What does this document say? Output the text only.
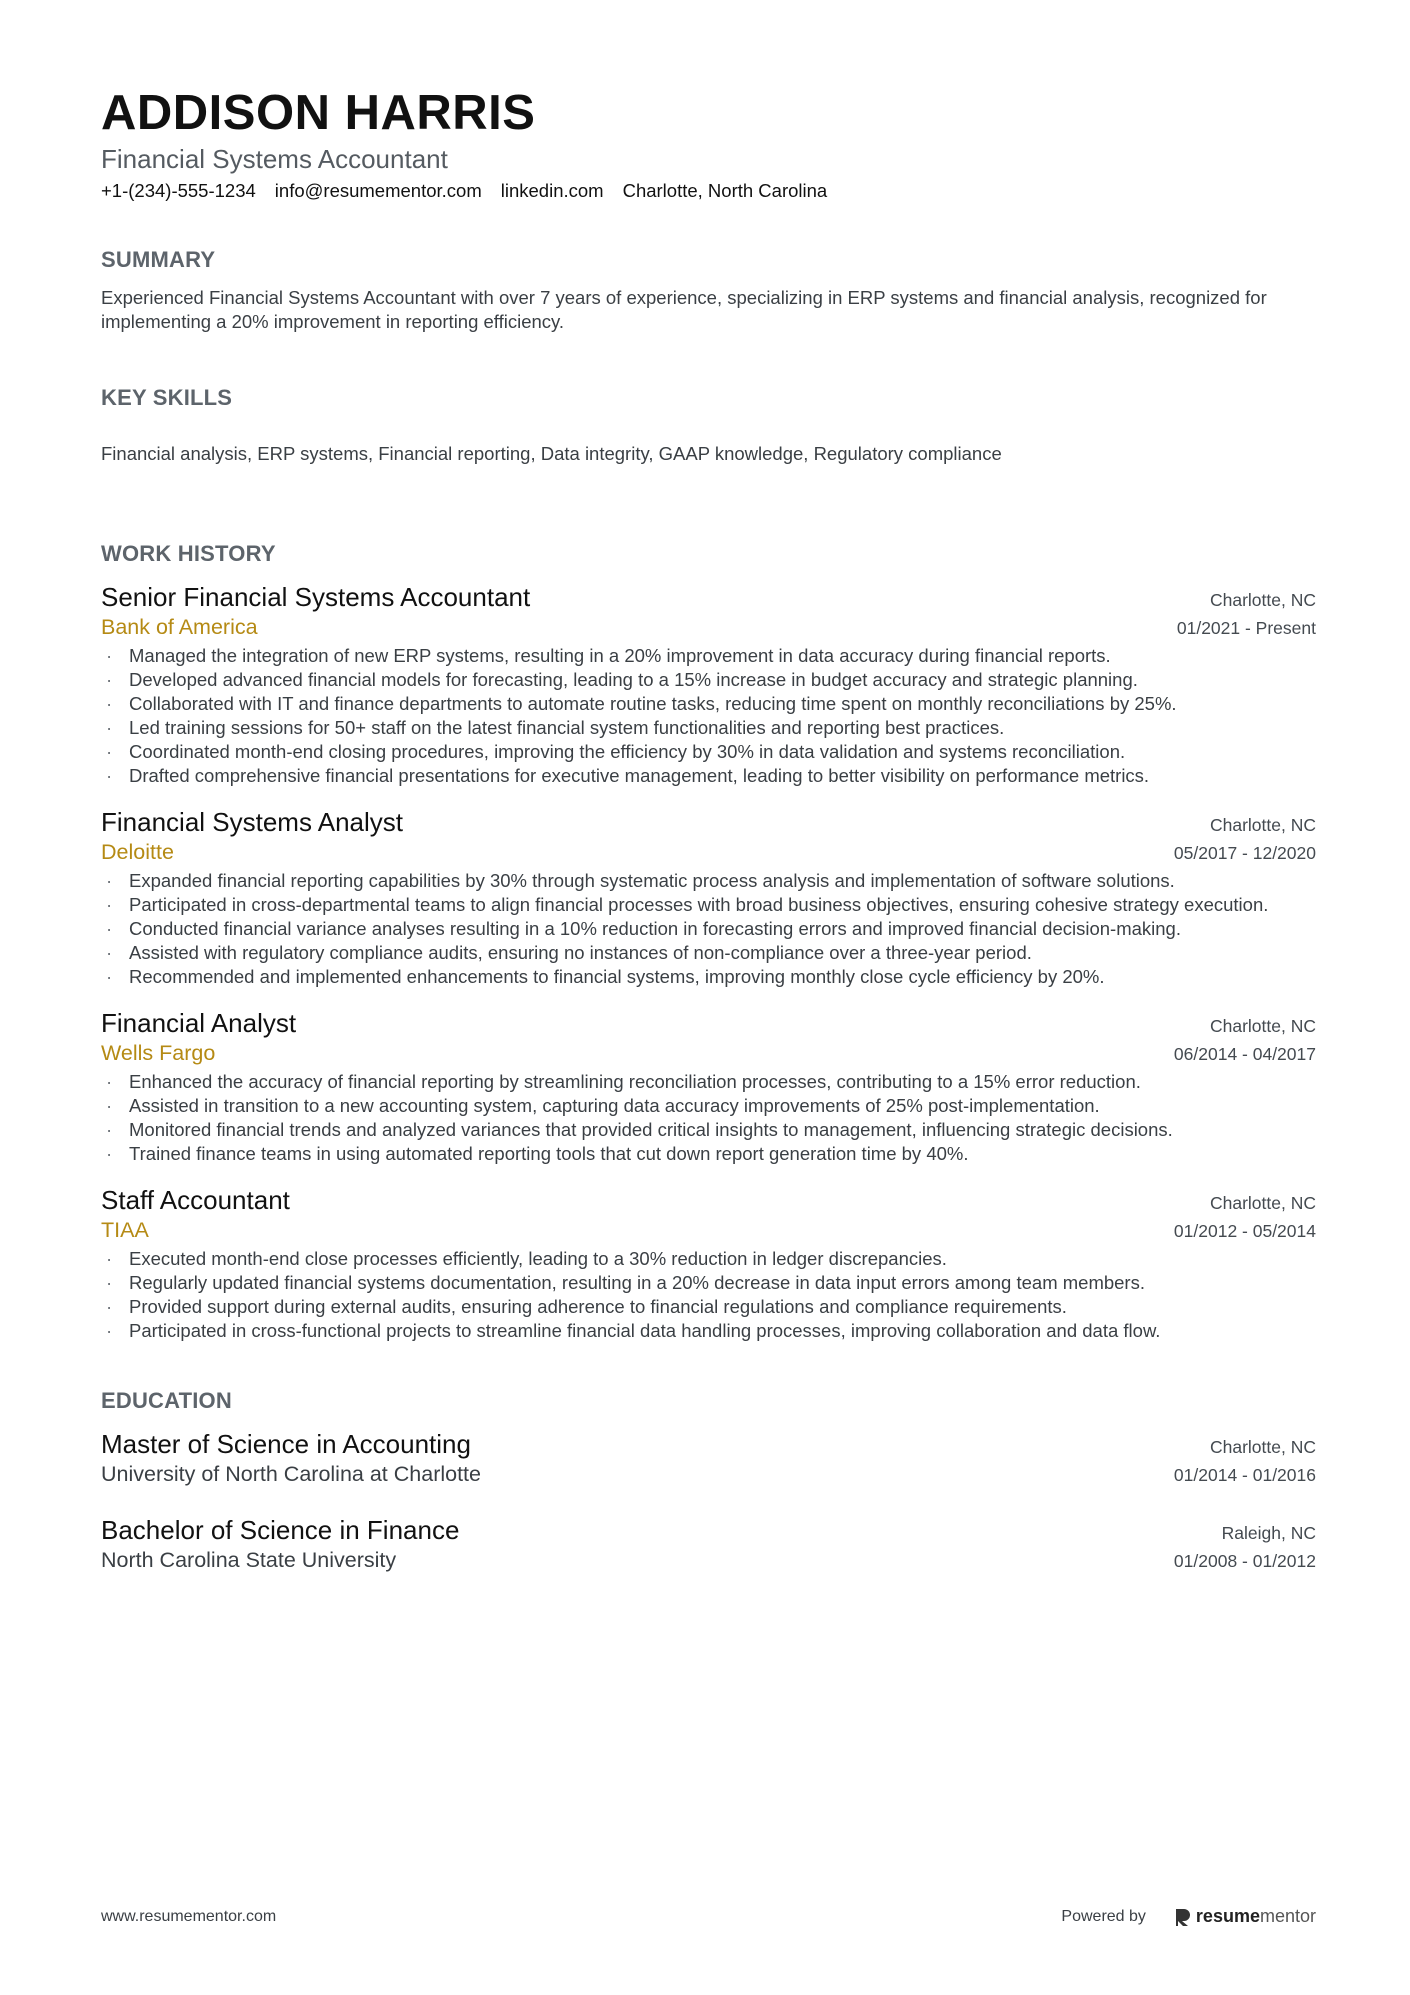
ADDISON HARRIS
Financial Systems Accountant
+1-(234)-555-1234 info@resumementor.com linkedin.com Charlotte, North Carolina
SUMMARY
Experienced Financial Systems Accountant with over 7 years of experience, specializing in ERP systems and financial analysis, recognized for implementing a 20% improvement in reporting efficiency.
KEY SKILLS
Financial analysis, ERP systems, Financial reporting, Data integrity, GAAP knowledge, Regulatory compliance
WORK HISTORY
Senior Financial Systems Accountant	Charlotte, NC
Bank of America	01/2021 - Present
· Managed the integration of new ERP systems, resulting in a 20% improvement in data accuracy during financial reports.
· Developed advanced financial models for forecasting, leading to a 15% increase in budget accuracy and strategic planning.
· Collaborated with IT and finance departments to automate routine tasks, reducing time spent on monthly reconciliations by 25%.
· Led training sessions for 50+ staff on the latest financial system functionalities and reporting best practices.
· Coordinated month-end closing procedures, improving the efficiency by 30% in data validation and systems reconciliation.
· Drafted comprehensive financial presentations for executive management, leading to better visibility on performance metrics.
Financial Systems Analyst	Charlotte, NC
Deloitte	05/2017 - 12/2020
· Expanded financial reporting capabilities by 30% through systematic process analysis and implementation of software solutions.
· Participated in cross-departmental teams to align financial processes with broad business objectives, ensuring cohesive strategy execution.
· Conducted financial variance analyses resulting in a 10% reduction in forecasting errors and improved financial decision-making.
· Assisted with regulatory compliance audits, ensuring no instances of non-compliance over a three-year period.
· Recommended and implemented enhancements to financial systems, improving monthly close cycle efficiency by 20%.
Financial Analyst	Charlotte, NC
Wells Fargo	06/2014 - 04/2017
· Enhanced the accuracy of financial reporting by streamlining reconciliation processes, contributing to a 15% error reduction.
· Assisted in transition to a new accounting system, capturing data accuracy improvements of 25% post-implementation.
· Monitored financial trends and analyzed variances that provided critical insights to management, influencing strategic decisions.
· Trained finance teams in using automated reporting tools that cut down report generation time by 40%.
Staff Accountant	Charlotte, NC
TIAA	01/2012 - 05/2014
· Executed month-end close processes efficiently, leading to a 30% reduction in ledger discrepancies.
· Regularly updated financial systems documentation, resulting in a 20% decrease in data input errors among team members.
· Provided support during external audits, ensuring adherence to financial regulations and compliance requirements.
· Participated in cross-functional projects to streamline financial data handling processes, improving collaboration and data flow.
EDUCATION
Master of Science in Accounting	Charlotte, NC
University of North Carolina at Charlotte	01/2014 - 01/2016
Bachelor of Science in Finance	Raleigh, NC
North Carolina State University	01/2008 - 01/2012
www.resumementor.com	Powered by	resumementor
